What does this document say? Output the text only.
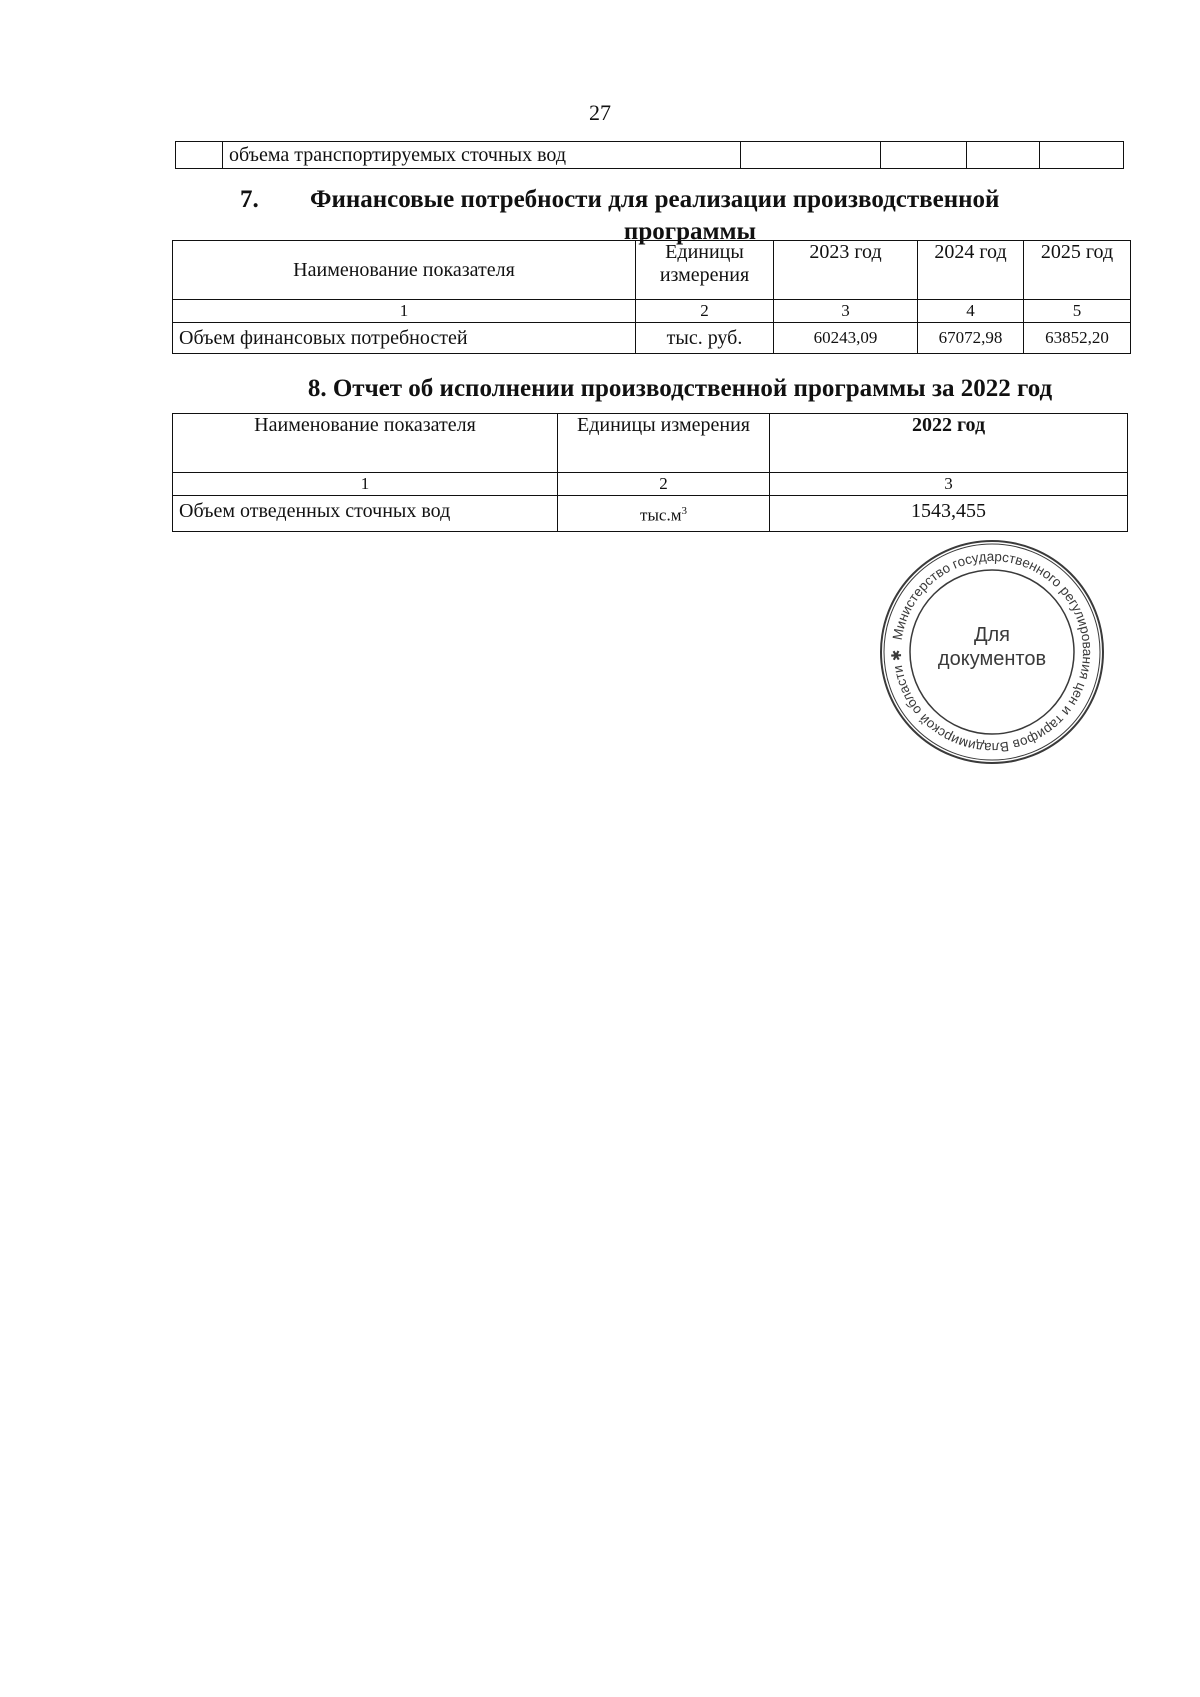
27
	объема транспортируемых сточных вод				
7. Финансовые потребности для реализации производственной
программы
Наименование показателя	Единицы измерения	2023 год	2024 год	2025 год
1	2	3	4	5
Объем финансовых потребностей	тыс. руб.	60243,09	67072,98	63852,20
8. Отчет об исполнении производственной программы за 2022 год
Наименование показателя	Единицы измерения	2022 год
1	2	3
Объем отведенных сточных вод	$тыс.м^3$	1543,455
Министерство государственного регулирования цен и тарифов Владимирской области ✱
Для
документов
